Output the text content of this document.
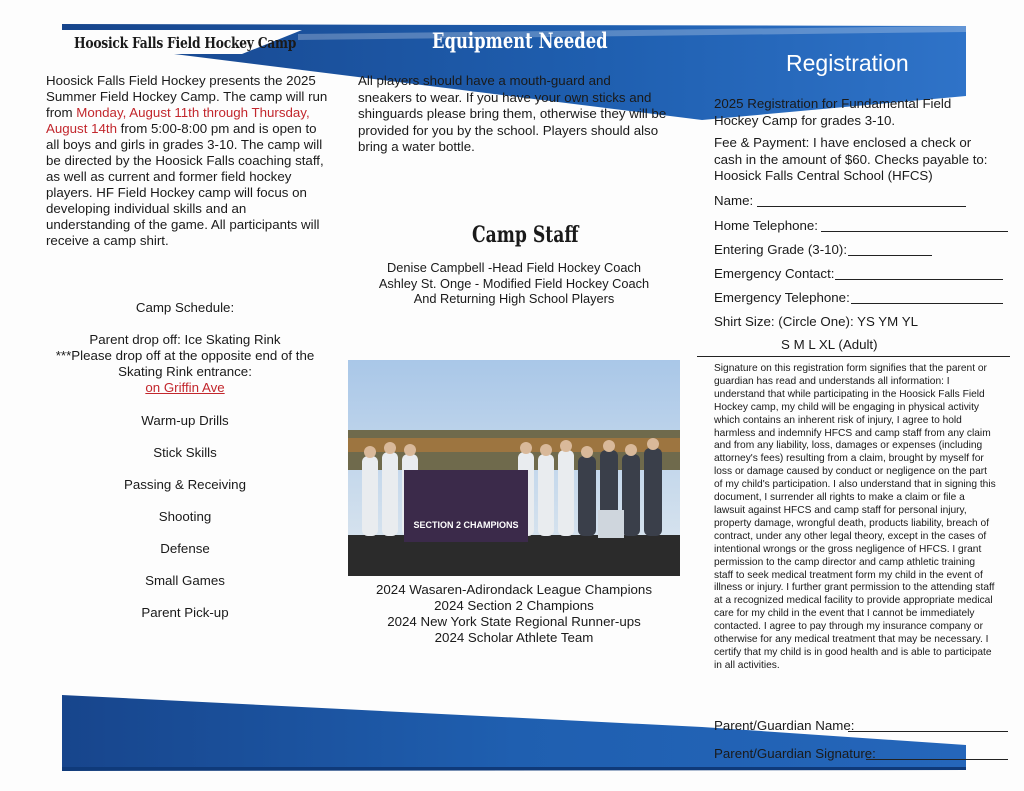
Hoosick Falls Field Hockey Camp	Equipment Needed
Registration
Hoosick Falls Field Hockey presents the 2025 Summer Field Hockey Camp. The camp will run from Monday, August 11th through Thursday, August 14th from 5:00-8:00 pm and is open to all boys and girls in grades 3-10. The camp will be directed by the Hoosick Falls coaching staff, as well as current and former field hockey players. HF Field Hockey camp will focus on developing individual skills and an understanding of the game. All participants will receive a camp shirt.
Camp Schedule:
Parent drop off: Ice Skating Rink
***Please drop off at the opposite end of the
Skating Rink entrance:
on Griffin Ave
Warm-up Drills
Stick Skills
Passing & Receiving
Shooting
Defense
Small Games
Parent Pick-up
All players should have a mouth-guard and sneakers to wear. If you have your own sticks and shinguards please bring them, otherwise they will be provided for you by the school. Players should also bring a water bottle.
Camp Staff
Denise Campbell -Head Field Hockey Coach
Ashley St. Onge - Modified Field Hockey Coach
And Returning High School Players
SECTION 2 CHAMPIONS
2024 Wasaren-Adirondack League Champions
2024 Section 2 Champions
2024 New York State Regional Runner-ups
2024 Scholar Athlete Team
2025 Registration for Fundamental Field Hockey Camp for grades 3-10.
Fee & Payment: I have enclosed a check or cash in the amount of $60. Checks payable to: Hoosick Falls Central School (HFCS)
Name:
Home Telephone:
Entering Grade (3-10):
Emergency Contact:
Emergency Telephone:
Shirt Size: (Circle One): YS YM YL
S M L XL (Adult)
Signature on this registration form signifies that the parent or guardian has read and understands all information: I understand that while participating in the Hoosick Falls Field Hockey camp, my child will be engaging in physical activity which contains an inherent risk of injury, I agree to hold harmless and indemnify HFCS and camp staff from any claim and from any liability, loss, damages or expenses (including attorney's fees) resulting from a claim, brought by myself for loss or damage caused by conduct or negligence on the part of my child's participation. I also understand that in signing this document, I surrender all rights to make a claim or file a lawsuit against HFCS and camp staff for personal injury, property damage, wrongful death, products liability, breach of contract, under any other legal theory, except in the cases of intentional wrongs or the gross negligence of HFCS. I grant permission to the camp director and camp athletic training staff to seek medical treatment form my child in the event of illness or injury. I further grant permission to the attending staff at a recognized medical facility to provide appropriate medical care for my child in the event that I cannot be immediately contacted. I agree to pay through my insurance company or otherwise for any medical treatment that may be necessary. I certify that my child is in good health and is able to participate in all activities.
Parent/Guardian Name:
Parent/Guardian Signature:
